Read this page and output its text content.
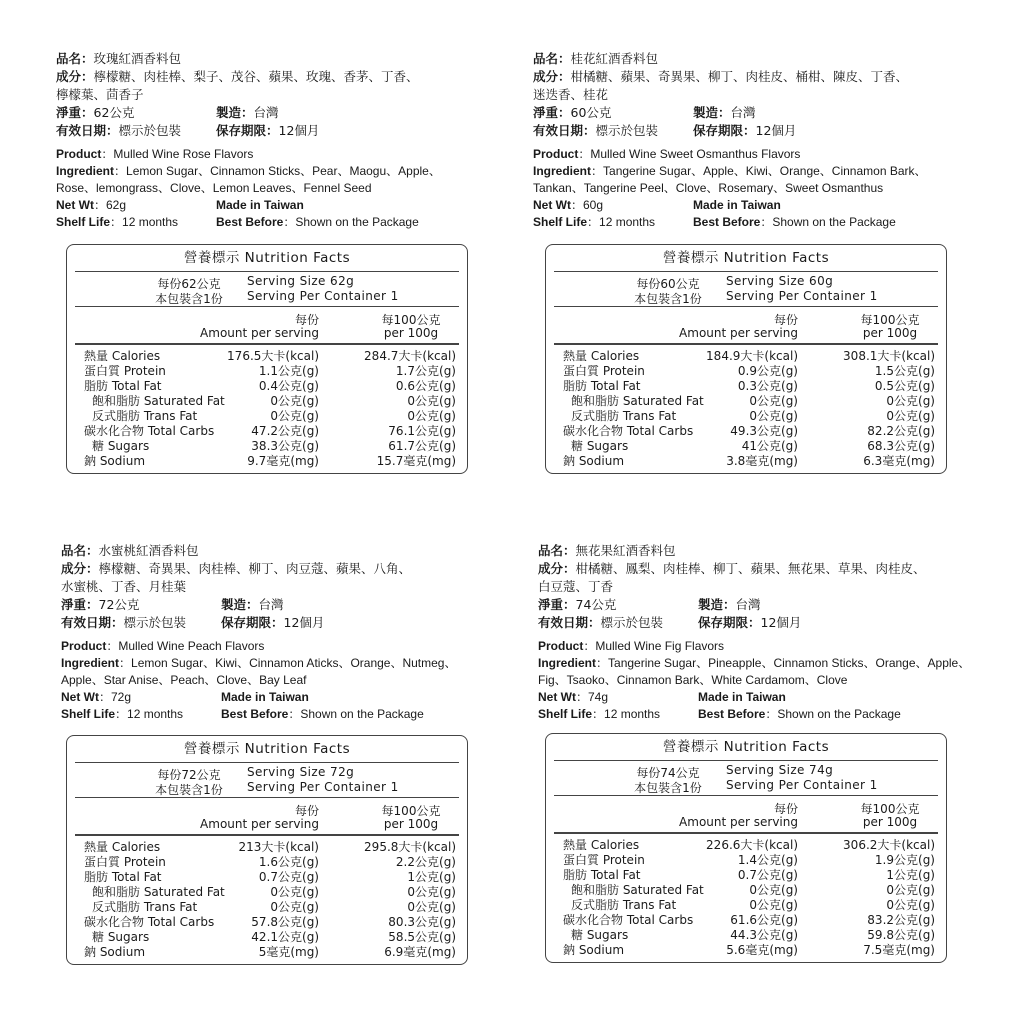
品名：玫瑰紅酒香料包
成分：檸檬糖、肉桂棒、梨子、茂谷、蘋果、玫瑰、香茅、丁香、
檸檬葉、茴香子
淨重：62公克	製造：台灣
有效日期：標示於包裝	保存期限：12個月
Product：Mulled Wine Rose Flavors
Ingredient：Lemon Sugar、Cinnamon Sticks、Pear、Maogu、Apple、
Rose、lemongrass、Clove、Lemon Leaves、Fennel Seed
Net Wt：62g	Made in Taiwan
Shelf Life：12 months	Best Before：Shown on the Package
營養標示 Nutrition Facts
每份62公克
本包裝含1份
Serving Size 62g
Serving Per Container 1
每份
Amount per serving
每100公克
per 100g
熱量 Calories	176.5大卡(kcal)	284.7大卡(kcal)
蛋白質 Protein	1.1公克(g)	1.7公克(g)
脂肪 Total Fat	0.4公克(g)	0.6公克(g)
飽和脂肪 Saturated Fat	0公克(g)	0公克(g)
反式脂肪 Trans Fat	0公克(g)	0公克(g)
碳水化合物 Total Carbs	47.2公克(g)	76.1公克(g)
糖 Sugars	38.3公克(g)	61.7公克(g)
鈉 Sodium	9.7毫克(mg)	15.7毫克(mg)
品名：桂花紅酒香料包
成分：柑橘糖、蘋果、奇異果、柳丁、肉桂皮、桶柑、陳皮、丁香、
迷迭香、桂花
淨重：60公克	製造：台灣
有效日期：標示於包裝	保存期限：12個月
Product：Mulled Wine Sweet Osmanthus Flavors
Ingredient：Tangerine Sugar、Apple、Kiwi、Orange、Cinnamon Bark、
Tankan、Tangerine Peel、Clove、Rosemary、Sweet Osmanthus
Net Wt：60g	Made in Taiwan
Shelf Life：12 months	Best Before：Shown on the Package
營養標示 Nutrition Facts
每份60公克
本包裝含1份
Serving Size 60g
Serving Per Container 1
每份
Amount per serving
每100公克
per 100g
熱量 Calories	184.9大卡(kcal)	308.1大卡(kcal)
蛋白質 Protein	0.9公克(g)	1.5公克(g)
脂肪 Total Fat	0.3公克(g)	0.5公克(g)
飽和脂肪 Saturated Fat	0公克(g)	0公克(g)
反式脂肪 Trans Fat	0公克(g)	0公克(g)
碳水化合物 Total Carbs	49.3公克(g)	82.2公克(g)
糖 Sugars	41公克(g)	68.3公克(g)
鈉 Sodium	3.8毫克(mg)	6.3毫克(mg)
品名：水蜜桃紅酒香料包
成分：檸檬糖、奇異果、肉桂棒、柳丁、肉豆蔻、蘋果、八角、
水蜜桃、丁香、月桂葉
淨重：72公克	製造：台灣
有效日期：標示於包裝	保存期限：12個月
Product：Mulled Wine Peach Flavors
Ingredient：Lemon Sugar、Kiwi、Cinnamon Aticks、Orange、Nutmeg、
Apple、Star Anise、Peach、Clove、Bay Leaf
Net Wt：72g	Made in Taiwan
Shelf Life：12 months	Best Before：Shown on the Package
營養標示 Nutrition Facts
每份72公克
本包裝含1份
Serving Size 72g
Serving Per Container 1
每份
Amount per serving
每100公克
per 100g
熱量 Calories	213大卡(kcal)	295.8大卡(kcal)
蛋白質 Protein	1.6公克(g)	2.2公克(g)
脂肪 Total Fat	0.7公克(g)	1公克(g)
飽和脂肪 Saturated Fat	0公克(g)	0公克(g)
反式脂肪 Trans Fat	0公克(g)	0公克(g)
碳水化合物 Total Carbs	57.8公克(g)	80.3公克(g)
糖 Sugars	42.1公克(g)	58.5公克(g)
鈉 Sodium	5毫克(mg)	6.9毫克(mg)
品名：無花果紅酒香料包
成分：柑橘糖、鳳梨、肉桂棒、柳丁、蘋果、無花果、草果、肉桂皮、
白豆蔻、丁香
淨重：74公克	製造：台灣
有效日期：標示於包裝	保存期限：12個月
Product：Mulled Wine Fig Flavors
Ingredient：Tangerine Sugar、Pineapple、Cinnamon Sticks、Orange、Apple、
Fig、Tsaoko、Cinnamon Bark、White Cardamom、Clove
Net Wt：74g	Made in Taiwan
Shelf Life：12 months	Best Before：Shown on the Package
營養標示 Nutrition Facts
每份74公克
本包裝含1份
Serving Size 74g
Serving Per Container 1
每份
Amount per serving
每100公克
per 100g
熱量 Calories	226.6大卡(kcal)	306.2大卡(kcal)
蛋白質 Protein	1.4公克(g)	1.9公克(g)
脂肪 Total Fat	0.7公克(g)	1公克(g)
飽和脂肪 Saturated Fat	0公克(g)	0公克(g)
反式脂肪 Trans Fat	0公克(g)	0公克(g)
碳水化合物 Total Carbs	61.6公克(g)	83.2公克(g)
糖 Sugars	44.3公克(g)	59.8公克(g)
鈉 Sodium	5.6毫克(mg)	7.5毫克(mg)
